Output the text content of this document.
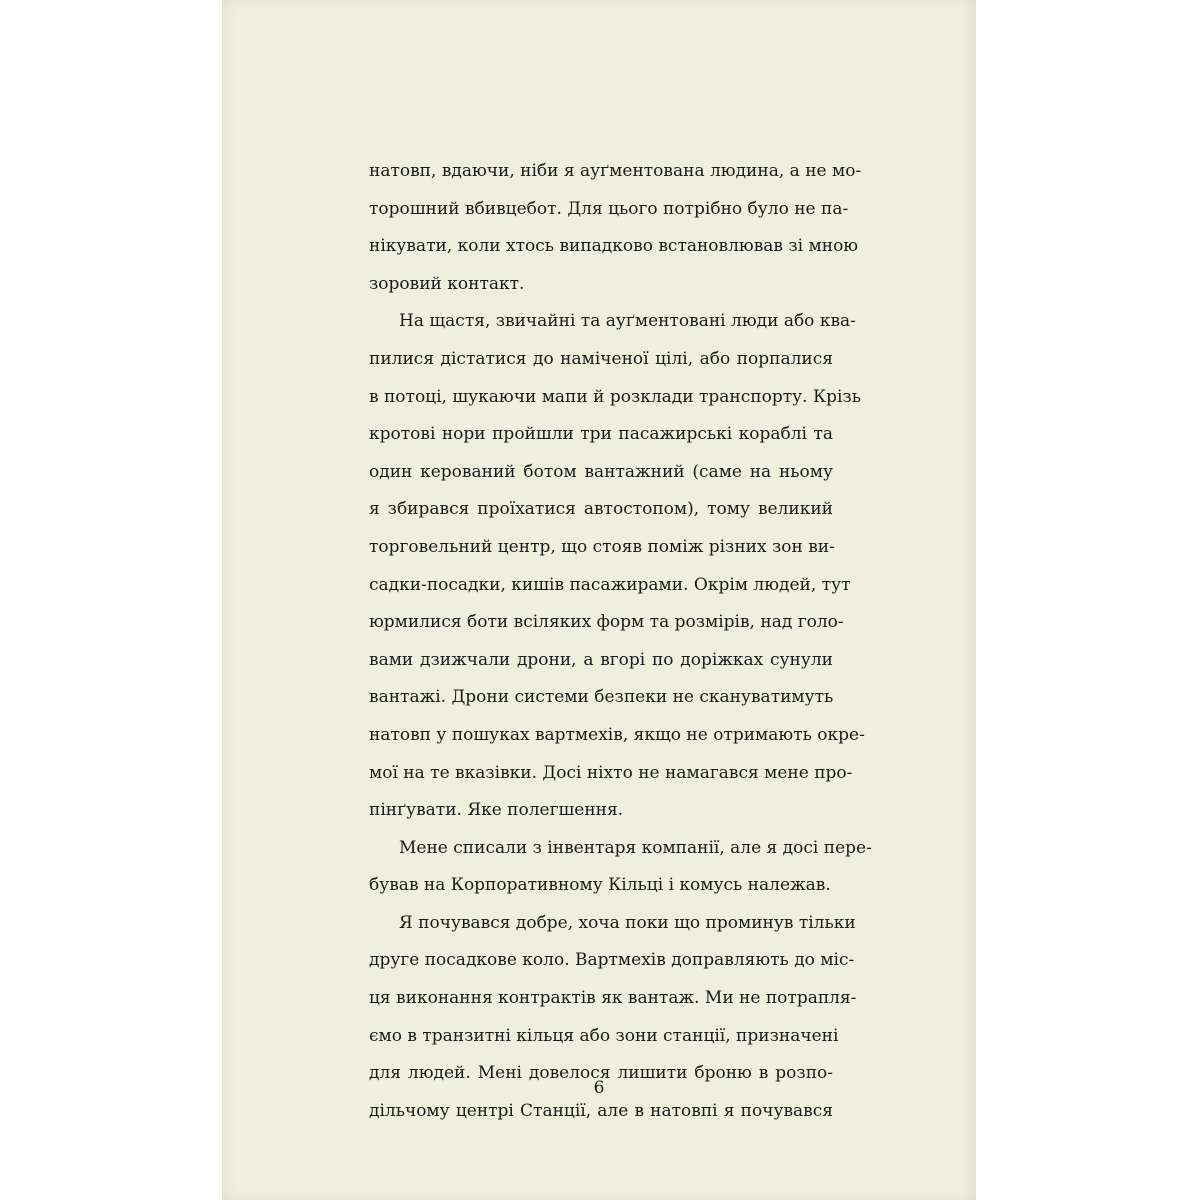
натовп, вдаючи, ніби я ауґментована людина, а не мо-
торошний вбивцебот. Для цього потрібно було не па-
нікувати, коли хтось випадково встановлював зі мною
зоровий контакт.
На щастя, звичайні та ауґментовані люди або ква-
пилися дістатися до наміченої цілі, або порпалися
в потоці, шукаючи мапи й розклади транспорту. Крізь
кротові нори пройшли три пасажирські кораблі та
один керований ботом вантажний (саме на ньому
я збирався проїхатися автостопом), тому великий
торговельний центр, що стояв поміж різних зон ви-
садки-посадки, кишів пасажирами. Окрім людей, тут
юрмилися боти всіляких форм та розмірів, над голо-
вами дзижчали дрони, а вгорі по доріжках сунули
вантажі. Дрони системи безпеки не скануватимуть
натовп у пошуках вартмехів, якщо не отримають окре-
мої на те вказівки. Досі ніхто не намагався мене про-
пінґувати. Яке полегшення.
Мене списали з інвентаря компанії, але я досі пере-
бував на Корпоративному Кільці і комусь належав.
Я почувався добре, хоча поки що проминув тільки
друге посадкове коло. Вартмехів доправляють до міс-
ця виконання контрактів як вантаж. Ми не потрапля-
ємо в транзитні кільця або зони станції, призначені
для людей. Мені довелося лишити броню в розпо-
дільчому центрі Станції, але в натовпі я почувався
6
